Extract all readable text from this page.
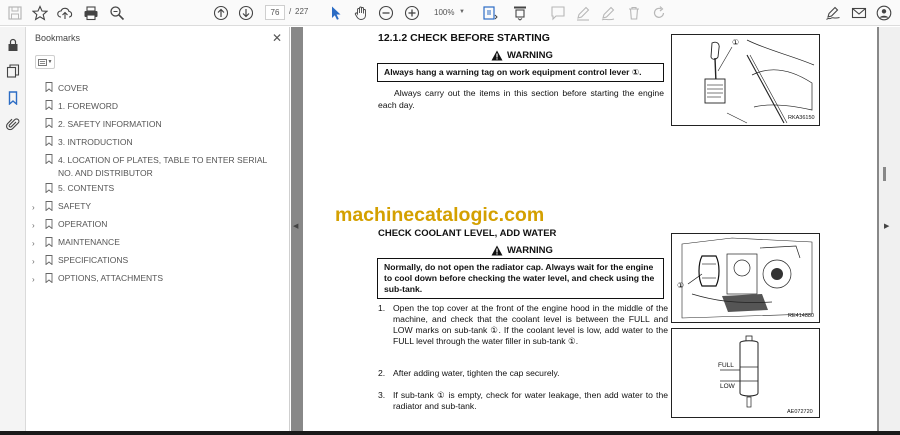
76	/ 227	100% ▼
Bookmarks	✕
▼
COVER
1. FOREWORD
2. SAFETY INFORMATION
3. INTRODUCTION
4. LOCATION OF PLATES, TABLE TO ENTER SERIAL NO. AND DISTRIBUTOR
5. CONTENTS
›	SAFETY
›	OPERATION
›	MAINTENANCE
›	SPECIFICATIONS
›	OPTIONS, ATTACHMENTS
◀	▶
12.1.2 CHECK BEFORE STARTING
WARNING
Always hang a warning tag on work equipment control lever ①.
Always carry out the items in this section before starting the engine each day.
①
RKA36150
machinecatalogic.com
CHECK COOLANT LEVEL, ADD WATER
WARNING
Normally, do not open the radiator cap. Always wait for the engine to cool down before checking the water level, and check using the sub-tank.
1. Open the top cover at the front of the engine hood in the middle of the machine, and check that the coolant level is between the FULL and LOW marks on sub-tank ①. If the coolant level is low, add water to the FULL level through the water filler in sub-tank ①.
2. After adding water, tighten the cap securely.
3. If sub-tank ① is empty, check for water leakage, then add water to the radiator and sub-tank.
①
RE414880
FULL
LOW
AE072720
